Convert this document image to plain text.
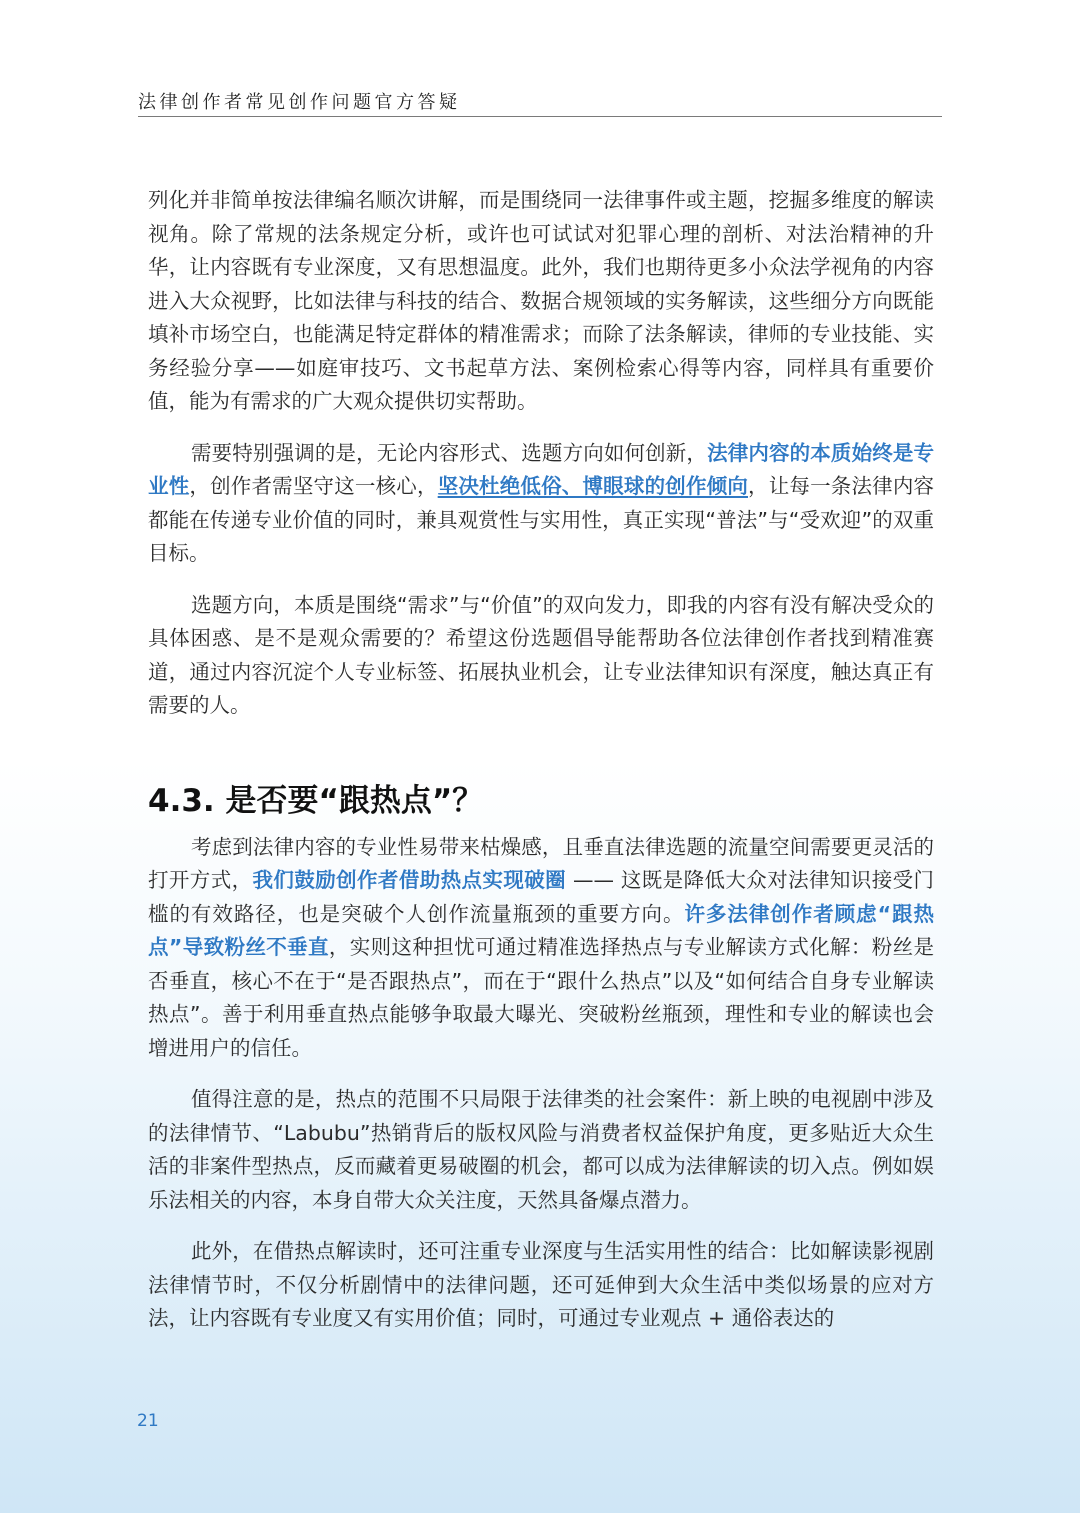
法律创作者常见创作问题官方答疑

列化并非简单按法律编名顺次讲解，而是围绕同一法律事件或主题，挖掘多维度的解读视角。除了常规的法条规定分析，或许也可试试对犯罪心理的剖析、对法治精神的升华，让内容既有专业深度，又有思想温度。此外，我们也期待更多小众法学视角的内容进入大众视野，比如法律与科技的结合、数据合规领域的实务解读，这些细分方向既能填补市场空白，也能满足特定群体的精准需求；而除了法条解读，律师的专业技能、实务经验分享——如庭审技巧、文书起草方法、案例检索心得等内容，同样具有重要价值，能为有需求的广大观众提供切实帮助。

需要特别强调的是，无论内容形式、选题方向如何创新，法律内容的本质始终是专业性，创作者需坚守这一核心，坚决杜绝低俗、博眼球的创作倾向，让每一条法律内容都能在传递专业价值的同时，兼具观赏性与实用性，真正实现“普法”与“受欢迎”的双重目标。

选题方向，本质是围绕“需求”与“价值”的双向发力，即我的内容有没有解决受众的具体困惑、是不是观众需要的？希望这份选题倡导能帮助各位法律创作者找到精准赛道，通过内容沉淀个人专业标签、拓展执业机会，让专业法律知识有深度，触达真正有需要的人。

4.3. 是否要“跟热点”？

考虑到法律内容的专业性易带来枯燥感，且垂直法律选题的流量空间需要更灵活的打开方式，我们鼓励创作者借助热点实现破圈 —— 这既是降低大众对法律知识接受门槛的有效路径，也是突破个人创作流量瓶颈的重要方向。许多法律创作者顾虑“跟热点”导致粉丝不垂直，实则这种担忧可通过精准选择热点与专业解读方式化解：粉丝是否垂直，核心不在于“是否跟热点”，而在于“跟什么热点”以及“如何结合自身专业解读热点”。善于利用垂直热点能够争取最大曝光、突破粉丝瓶颈，理性和专业的解读也会增进用户的信任。

值得注意的是，热点的范围不只局限于法律类的社会案件：新上映的电视剧中涉及的法律情节、“Labubu”热销背后的版权风险与消费者权益保护角度，更多贴近大众生活的非案件型热点，反而藏着更易破圈的机会，都可以成为法律解读的切入点。例如娱乐法相关的内容，本身自带大众关注度，天然具备爆点潜力。

此外，在借热点解读时，还可注重专业深度与生活实用性的结合：比如解读影视剧法律情节时，不仅分析剧情中的法律问题，还可延伸到大众生活中类似场景的应对方法，让内容既有专业度又有实用价值；同时，可通过专业观点 + 通俗表达的

21
